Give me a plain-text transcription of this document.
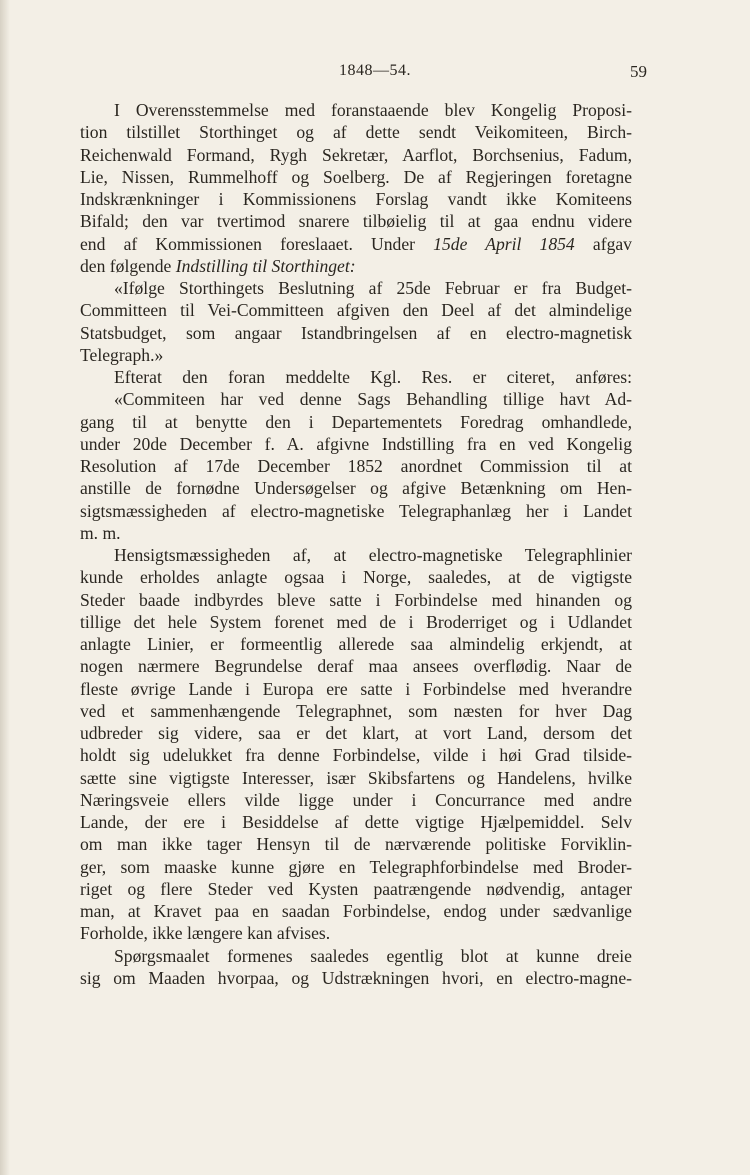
1848—54.	59
I Overensstemmelse med foranstaaende blev Kongelig Proposi-
tion tilstillet Storthinget og af dette sendt Veikomiteen, Birch-
Reichenwald Formand, Rygh Sekretær, Aarflot, Borchsenius, Fadum,
Lie, Nissen, Rummelhoff og Soelberg. De af Regjeringen foretagne
Indskrænkninger i Kommissionens Forslag vandt ikke Komiteens
Bifald; den var tvertimod snarere tilbøielig til at gaa endnu videre
end af Kommissionen foreslaaet. Under 15de April 1854 afgav
den følgende Indstilling til Storthinget:
«Ifølge Storthingets Beslutning af 25de Februar er fra Budget-
Committeen til Vei-Committeen afgiven den Deel af det almindelige
Statsbudget, som angaar Istandbringelsen af en electro-magnetisk
Telegraph.»
Efterat den foran meddelte Kgl. Res. er citeret, anføres:
«Commiteen har ved denne Sags Behandling tillige havt Ad-
gang til at benytte den i Departementets Foredrag omhandlede,
under 20de December f. A. afgivne Indstilling fra en ved Kongelig
Resolution af 17de December 1852 anordnet Commission til at
anstille de fornødne Undersøgelser og afgive Betænkning om Hen-
sigtsmæssigheden af electro-magnetiske Telegraphanlæg her i Landet
m. m.
Hensigtsmæssigheden af, at electro-magnetiske Telegraphlinier
kunde erholdes anlagte ogsaa i Norge, saaledes, at de vigtigste
Steder baade indbyrdes bleve satte i Forbindelse med hinanden og
tillige det hele System forenet med de i Broderriget og i Udlandet
anlagte Linier, er formeentlig allerede saa almindelig erkjendt, at
nogen nærmere Begrundelse deraf maa ansees overflødig. Naar de
fleste øvrige Lande i Europa ere satte i Forbindelse med hverandre
ved et sammenhængende Telegraphnet, som næsten for hver Dag
udbreder sig videre, saa er det klart, at vort Land, dersom det
holdt sig udelukket fra denne Forbindelse, vilde i høi Grad tilside-
sætte sine vigtigste Interesser, især Skibsfartens og Handelens, hvilke
Næringsveie ellers vilde ligge under i Concurrance med andre
Lande, der ere i Besiddelse af dette vigtige Hjælpemiddel. Selv
om man ikke tager Hensyn til de nærværende politiske Forviklin-
ger, som maaske kunne gjøre en Telegraphforbindelse med Broder-
riget og flere Steder ved Kysten paatrængende nødvendig, antager
man, at Kravet paa en saadan Forbindelse, endog under sædvanlige
Forholde, ikke længere kan afvises.
Spørgsmaalet formenes saaledes egentlig blot at kunne dreie
sig om Maaden hvorpaa, og Udstrækningen hvori, en electro-magne-
